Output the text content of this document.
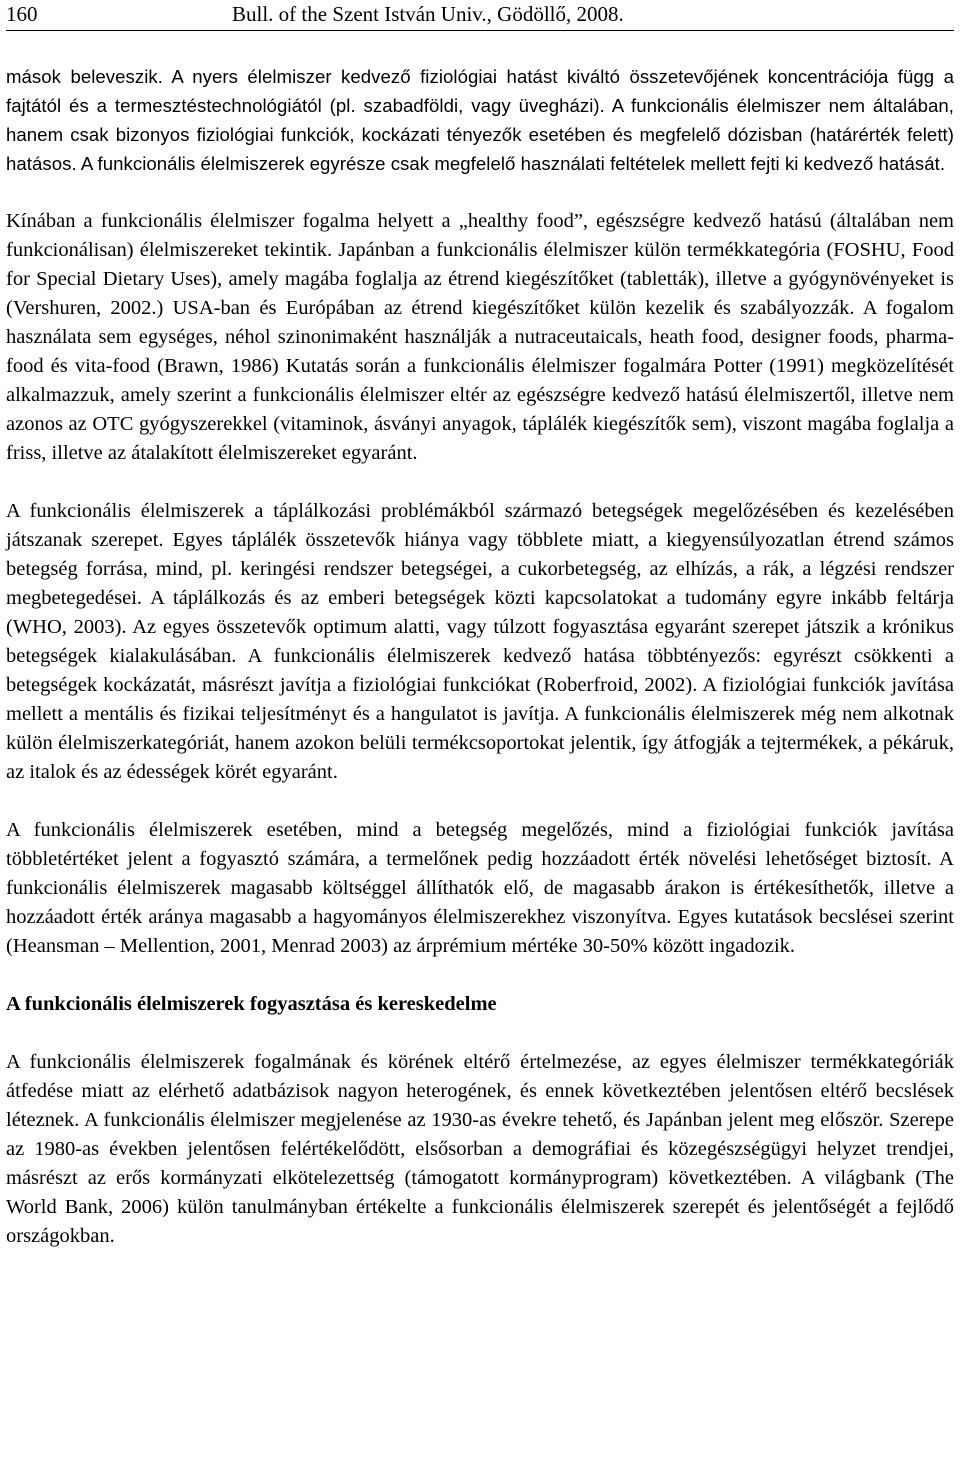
160	Bull. of the Szent István Univ., Gödöllő, 2008.

mások beleveszik. A nyers élelmiszer kedvező fiziológiai hatást kiváltó összetevőjének koncentrációja függ a fajtától és a termesztéstechnológiától (pl. szabadföldi, vagy üvegházi). A funkcionális élelmiszer nem általában, hanem csak bizonyos fiziológiai funkciók, kockázati tényezők esetében és megfelelő dózisban (határérték felett) hatásos. A funkcionális élelmiszerek egyrésze csak megfelelő használati feltételek mellett fejti ki kedvező hatását.

Kínában a funkcionális élelmiszer fogalma helyett a „healthy food”, egészségre kedvező hatású (általában nem funkcionálisan) élelmiszereket tekintik. Japánban a funkcionális élelmiszer külön termékkategória (FOSHU, Food for Special Dietary Uses), amely magába foglalja az étrend kiegészítőket (tabletták), illetve a gyógynövényeket is (Vershuren, 2002.) USA-ban és Európában az étrend kiegészítőket külön kezelik és szabályozzák. A fogalom használata sem egységes, néhol szinonimaként használják a nutraceutaicals, heath food, designer foods, pharma-food és vita-food (Brawn, 1986) Kutatás során a funkcionális élelmiszer fogalmára Potter (1991) megközelítését alkalmazzuk, amely szerint a funkcionális élelmiszer eltér az egészségre kedvező hatású élelmiszertől, illetve nem azonos az OTC gyógyszerekkel (vitaminok, ásványi anyagok, táplálék kiegészítők sem), viszont magába foglalja a friss, illetve az átalakított élelmiszereket egyaránt.

A funkcionális élelmiszerek a táplálkozási problémákból származó betegségek megelőzésében és kezelésében játszanak szerepet. Egyes táplálék összetevők hiánya vagy többlete miatt, a kiegyensúlyozatlan étrend számos betegség forrása, mind, pl. keringési rendszer betegségei, a cukorbetegség, az elhízás, a rák, a légzési rendszer megbetegedései. A táplálkozás és az emberi betegségek közti kapcsolatokat a tudomány egyre inkább feltárja (WHO, 2003). Az egyes összetevők optimum alatti, vagy túlzott fogyasztása egyaránt szerepet játszik a krónikus betegségek kialakulásában. A funkcionális élelmiszerek kedvező hatása többtényezős: egyrészt csökkenti a betegségek kockázatát, másrészt javítja a fiziológiai funkciókat (Roberfroid, 2002). A fiziológiai funkciók javítása mellett a mentális és fizikai teljesítményt és a hangulatot is javítja. A funkcionális élelmiszerek még nem alkotnak külön élelmiszerkategóriát, hanem azokon belüli termékcsoportokat jelentik, így átfogják a tejtermékek, a pékáruk, az italok és az édességek körét egyaránt.

A funkcionális élelmiszerek esetében, mind a betegség megelőzés, mind a fiziológiai funkciók javítása többletértéket jelent a fogyasztó számára, a termelőnek pedig hozzáadott érték növelési lehetőséget biztosít. A funkcionális élelmiszerek magasabb költséggel állíthatók elő, de magasabb árakon is értékesíthetők, illetve a hozzáadott érték aránya magasabb a hagyományos élelmiszerekhez viszonyítva. Egyes kutatások becslései szerint (Heansman – Mellention, 2001, Menrad 2003) az árprémium mértéke 30-50% között ingadozik.

A funkcionális élelmiszerek fogyasztása és kereskedelme

A funkcionális élelmiszerek fogalmának és körének eltérő értelmezése, az egyes élelmiszer termékkategóriák átfedése miatt az elérhető adatbázisok nagyon heterogének, és ennek következtében jelentősen eltérő becslések léteznek. A funkcionális élelmiszer megjelenése az 1930-as évekre tehető, és Japánban jelent meg először. Szerepe az 1980-as években jelentősen felértékelődött, elsősorban a demográfiai és közegészségügyi helyzet trendjei, másrészt az erős kormányzati elkötelezettség (támogatott kormányprogram) következtében. A világbank (The World Bank, 2006) külön tanulmányban értékelte a funkcionális élelmiszerek szerepét és jelentőségét a fejlődő országokban.
